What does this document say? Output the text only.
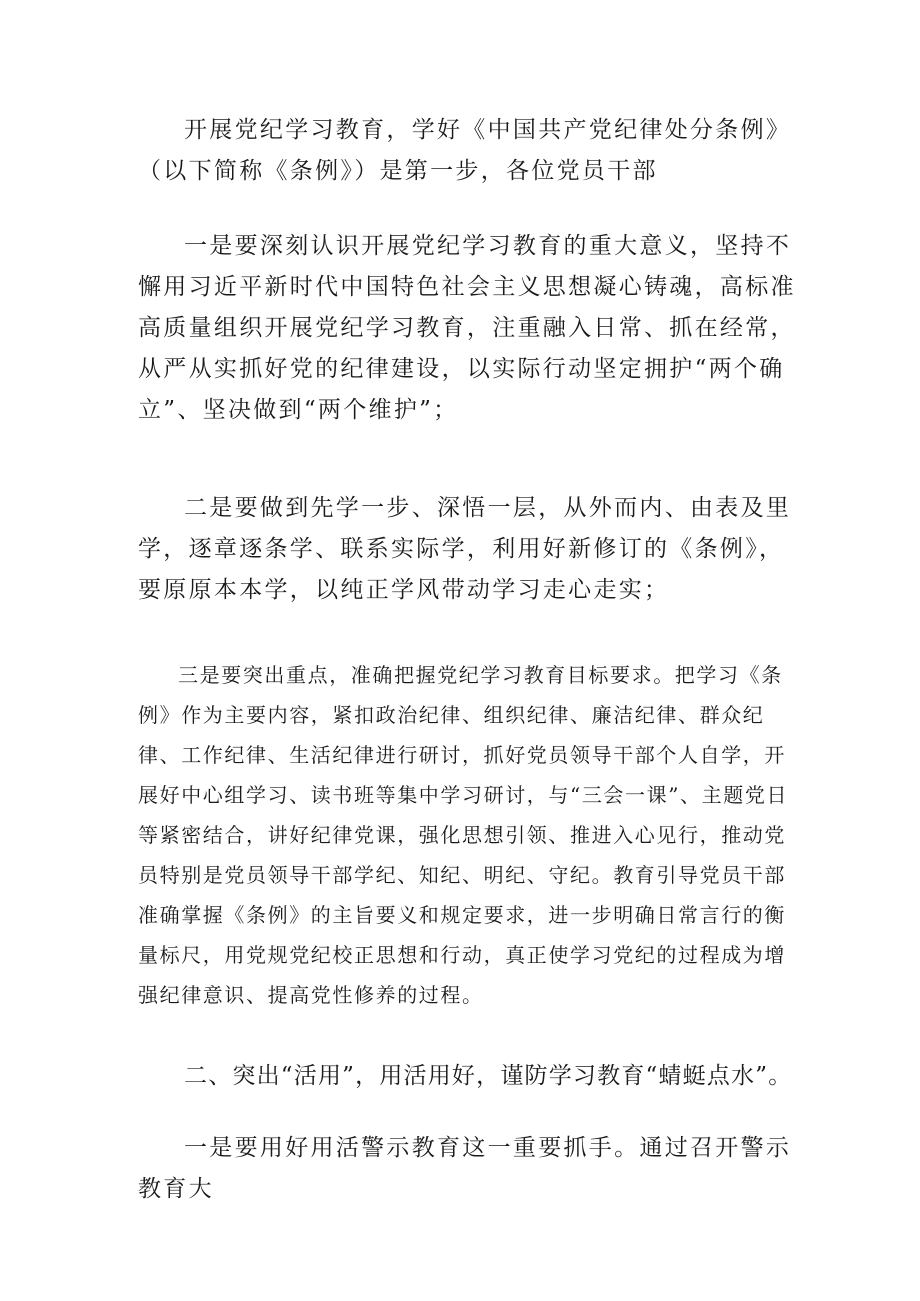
开展党纪学习教育，学好《中国共产党纪律处分条例》（以下简称《条例》）是第一步，各位党员干部

一是要深刻认识开展党纪学习教育的重大意义，坚持不懈用习近平新时代中国特色社会主义思想凝心铸魂，高标准高质量组织开展党纪学习教育，注重融入日常、抓在经常，从严从实抓好党的纪律建设，以实际行动坚定拥护“两个确立”、坚决做到“两个维护”；

二是要做到先学一步、深悟一层，从外而内、由表及里学，逐章逐条学、联系实际学，利用好新修订的《条例》，要原原本本学，以纯正学风带动学习走心走实；

三是要突出重点，准确把握党纪学习教育目标要求。把学习《条例》作为主要内容，紧扣政治纪律、组织纪律、廉洁纪律、群众纪律、工作纪律、生活纪律进行研讨，抓好党员领导干部个人自学，开展好中心组学习、读书班等集中学习研讨，与“三会一课”、主题党日等紧密结合，讲好纪律党课，强化思想引领、推进入心见行，推动党员特别是党员领导干部学纪、知纪、明纪、守纪。教育引导党员干部准确掌握《条例》的主旨要义和规定要求，进一步明确日常言行的衡量标尺，用党规党纪校正思想和行动，真正使学习党纪的过程成为增强纪律意识、提高党性修养的过程。

二、突出“活用”，用活用好，谨防学习教育“蜻蜓点水”。

一是要用好用活警示教育这一重要抓手。通过召开警示教育大
